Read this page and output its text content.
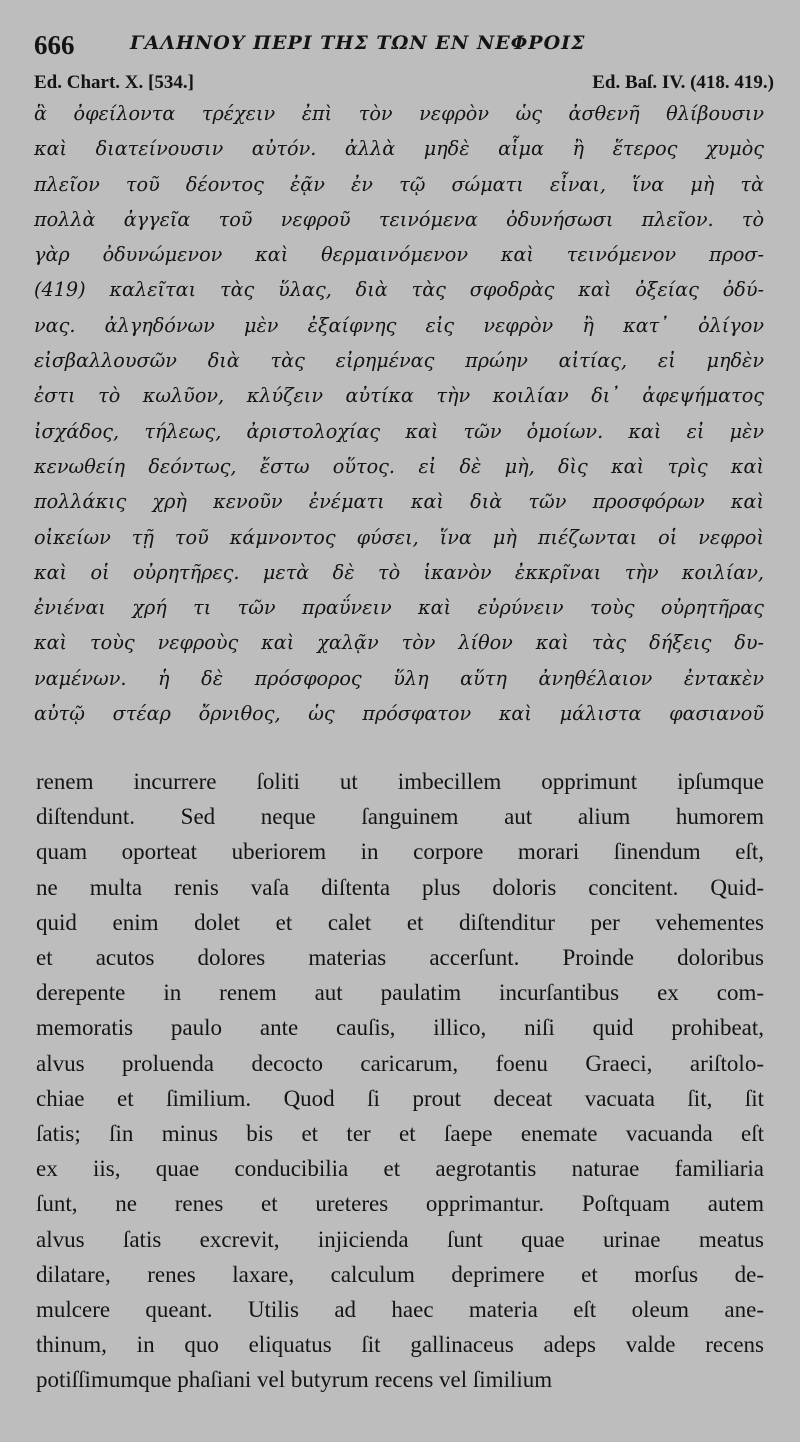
666	ΓΑΛΗΝΟΥ ΠΕΡΙ ΤΗΣ ΤΩΝ ΕΝ ΝΕΦΡΟΙΣ
Ed. Chart. X. [534.]	Ed. Baſ. IV. (418. 419.)
ἃ ὀφείλοντα τρέχειν ἐπὶ τὸν νεφρὸν ὡς ἀσθενῆ θλίβουσιν
καὶ διατείνουσιν αὐτόν. ἀλλὰ μηδὲ αἷμα ἢ ἕτερος χυμὸς
πλεῖον τοῦ δέοντος ἐᾷν ἐν τῷ σώματι εἶναι, ἵνα μὴ τὰ
πολλὰ ἀγγεῖα τοῦ νεφροῦ τεινόμενα ὀδυνήσωσι πλεῖον. τὸ
γὰρ ὀδυνώμενον καὶ θερμαινόμενον καὶ τεινόμενον προσ-
(419) καλεῖται τὰς ὕλας, διὰ τὰς σφοδρὰς καὶ ὀξείας ὀδύ-
νας. ἀλγηδόνων μὲν ἐξαίφνης εἰς νεφρὸν ἢ κατ᾽ ὀλίγον
εἰσβαλλουσῶν διὰ τὰς εἰρημένας πρώην αἰτίας, εἰ μηδὲν
ἐστι τὸ κωλῦον, κλύζειν αὐτίκα τὴν κοιλίαν δι᾽ ἀφεψήματος
ἰσχάδος, τήλεως, ἀριστολοχίας καὶ τῶν ὁμοίων. καὶ εἰ μὲν
κενωθείη δεόντως, ἔστω οὕτος. εἰ δὲ μὴ, δὶς καὶ τρὶς καὶ
πολλάκις χρὴ κενοῦν ἐνέματι καὶ διὰ τῶν προσφόρων καὶ
οἰκείων τῇ τοῦ κάμνοντος φύσει, ἵνα μὴ πιέζωνται οἱ νεφροὶ
καὶ οἱ οὐρητῆρες. μετὰ δὲ τὸ ἱκανὸν ἐκκρῖναι τὴν κοιλίαν,
ἐνιέναι χρή τι τῶν πραΰνειν καὶ εὐρύνειν τοὺς οὐρητῆρας
καὶ τοὺς νεφροὺς καὶ χαλᾷν τὸν λίθον καὶ τὰς δήξεις δυ-
ναμένων. ἡ δὲ πρόσφορος ὕλη αὕτη ἀνηθέλαιον ἐντακὲν
αὐτῷ στέαρ ὄρνιθος, ὡς πρόσφατον καὶ μάλιστα φασιανοῦ
renem incurrere ſoliti ut imbecillem opprimunt ipſumque
diſtendunt. Sed neque ſanguinem aut alium humorem
quam oporteat uberiorem in corpore morari ſinendum eſt,
ne multa renis vaſa diſtenta plus doloris concitent. Quid-
quid enim dolet et calet et diſtenditur per vehementes
et acutos dolores materias accerſunt. Proinde doloribus
derepente in renem aut paulatim incurſantibus ex com-
memoratis paulo ante cauſis, illico, niſi quid prohibeat,
alvus proluenda decocto caricarum, foenu Graeci, ariſtolo-
chiae et ſimilium. Quod ſi prout deceat vacuata ſit, ſit
ſatis; ſin minus bis et ter et ſaepe enemate vacuanda eſt
ex iis, quae conducibilia et aegrotantis naturae familiaria
ſunt, ne renes et ureteres opprimantur. Poſtquam autem
alvus ſatis excrevit, injicienda ſunt quae urinae meatus
dilatare, renes laxare, calculum deprimere et morſus de-
mulcere queant. Utilis ad haec materia eſt oleum ane-
thinum, in quo eliquatus ſit gallinaceus adeps valde recens
potiſſimumque phaſiani vel butyrum recens vel ſimilium
